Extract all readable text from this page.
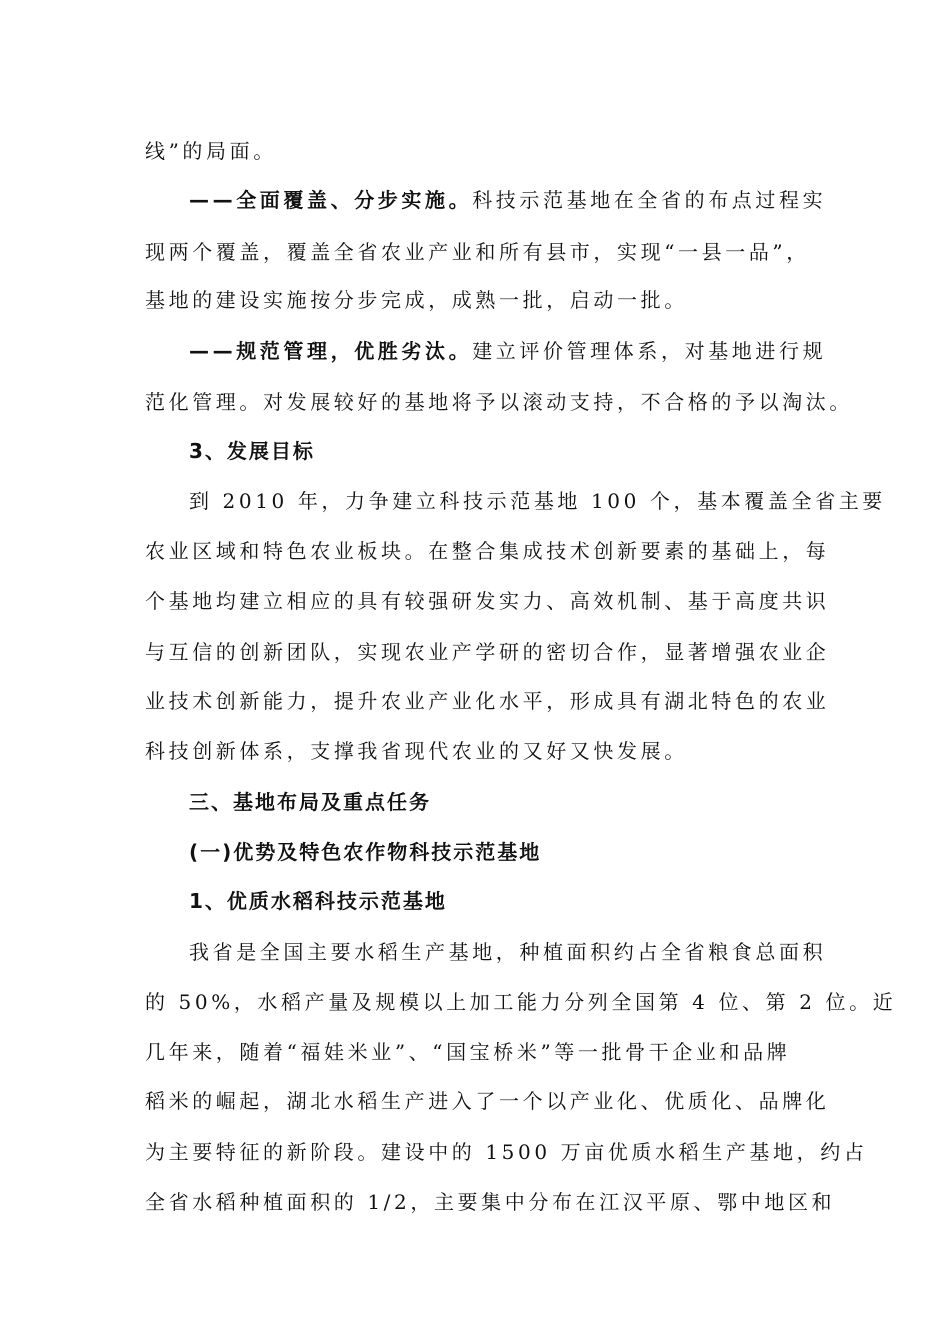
线”的局面。
——全面覆盖、分步实施。科技示范基地在全省的布点过程实
现两个覆盖，覆盖全省农业产业和所有县市，实现“一县一品”，
基地的建设实施按分步完成，成熟一批，启动一批。
——规范管理，优胜劣汰。建立评价管理体系，对基地进行规
范化管理。对发展较好的基地将予以滚动支持，不合格的予以淘汰。
3、发展目标
到 2010 年，力争建立科技示范基地 100 个，基本覆盖全省主要
农业区域和特色农业板块。在整合集成技术创新要素的基础上，每
个基地均建立相应的具有较强研发实力、高效机制、基于高度共识
与互信的创新团队，实现农业产学研的密切合作，显著增强农业企
业技术创新能力，提升农业产业化水平，形成具有湖北特色的农业
科技创新体系，支撑我省现代农业的又好又快发展。
三、基地布局及重点任务
(一)优势及特色农作物科技示范基地
1、优质水稻科技示范基地
我省是全国主要水稻生产基地，种植面积约占全省粮食总面积
的 50%，水稻产量及规模以上加工能力分列全国第 4 位、第 2 位。近
几年来，随着“福娃米业”、“国宝桥米”等一批骨干企业和品牌
稻米的崛起，湖北水稻生产进入了一个以产业化、优质化、品牌化
为主要特征的新阶段。建设中的 1500 万亩优质水稻生产基地，约占
全省水稻种植面积的 1/2，主要集中分布在江汉平原、鄂中地区和
